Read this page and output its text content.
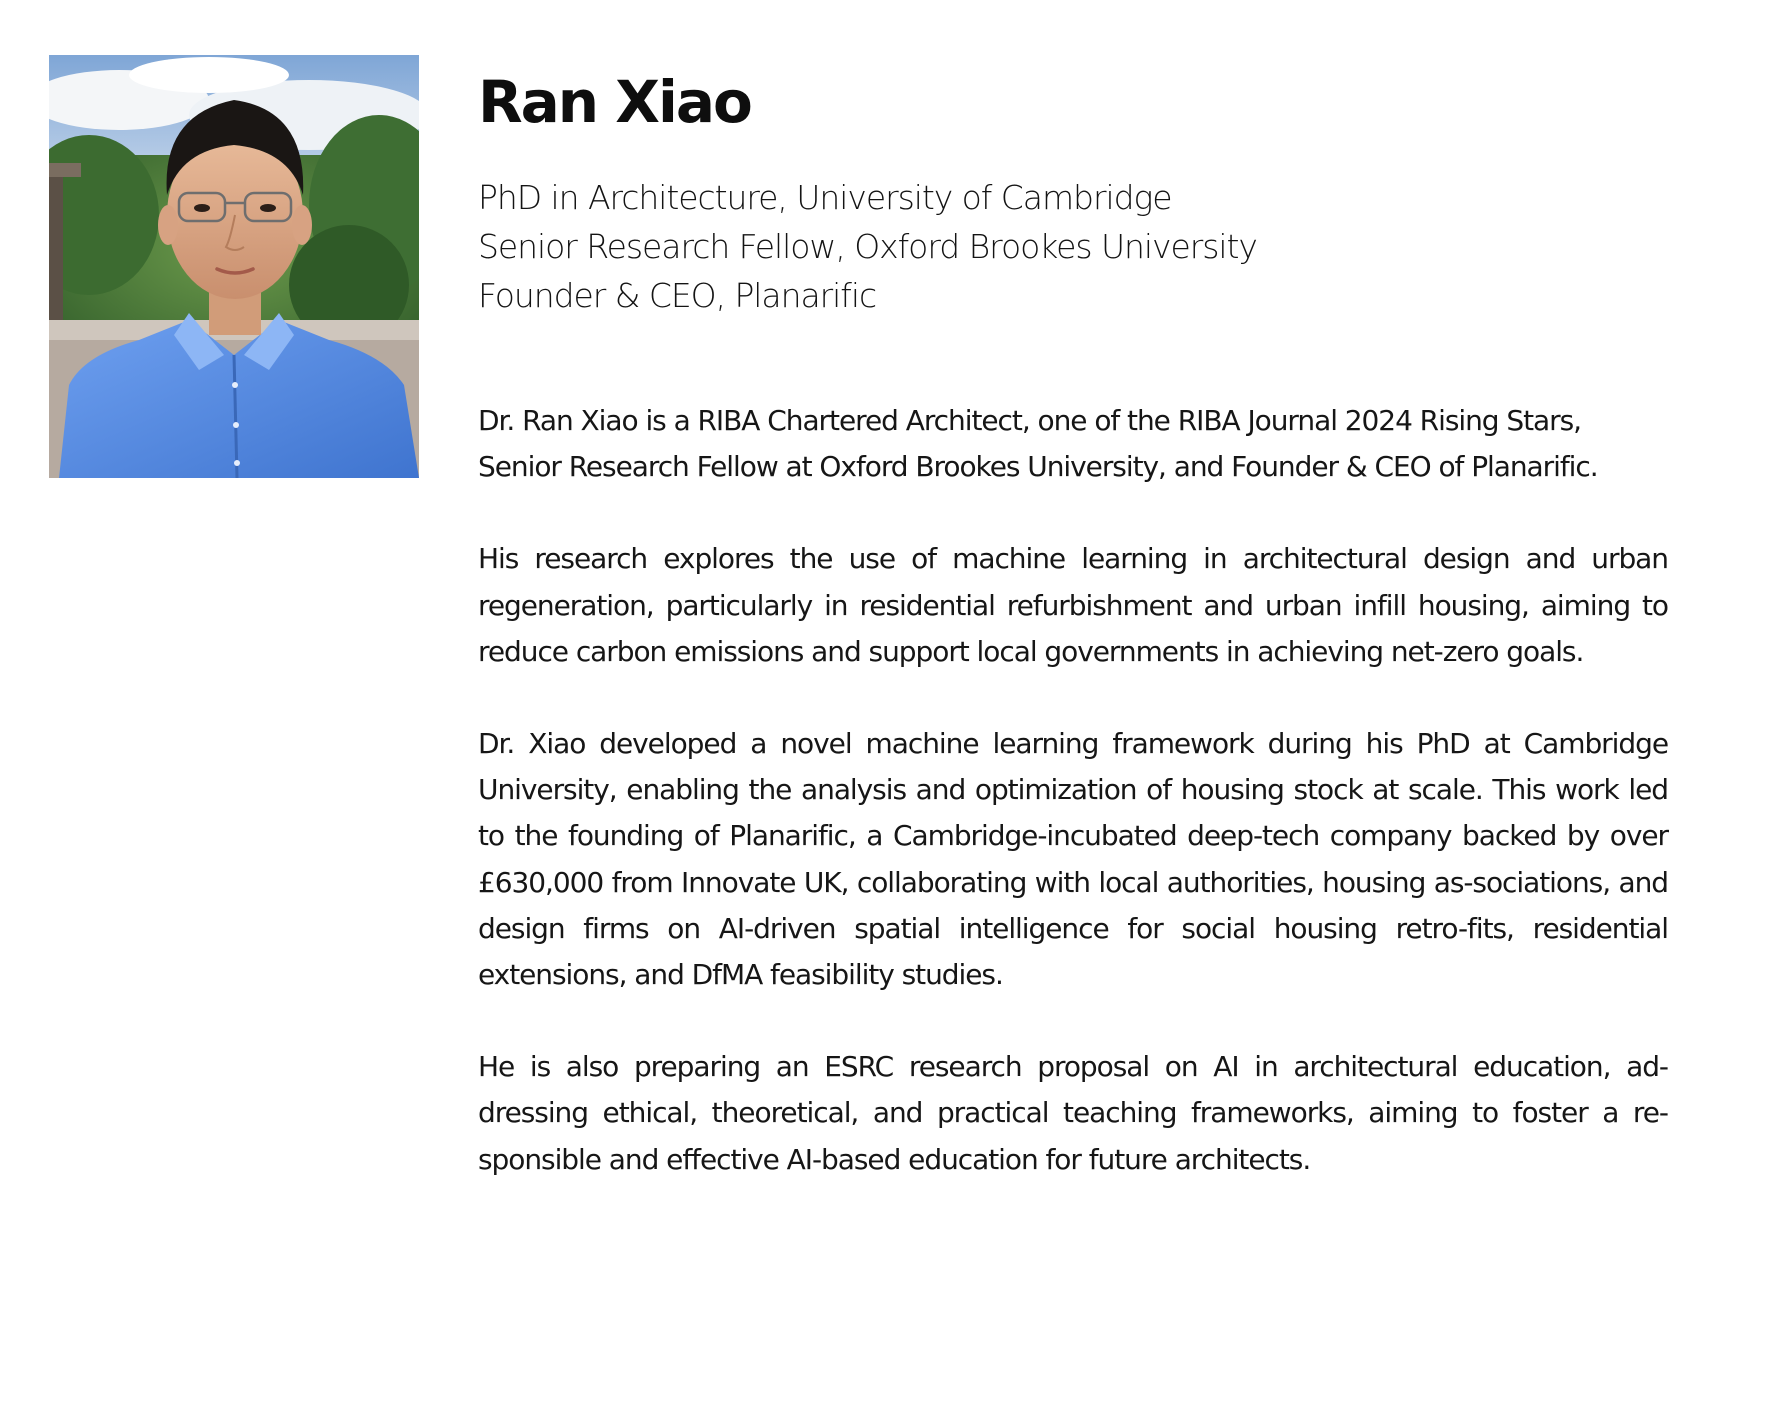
Ran Xiao
PhD in Architecture, University of Cambridge
Senior Research Fellow, Oxford Brookes University
Founder & CEO, Planarific

Dr. Ran Xiao is a RIBA Chartered Architect, one of the RIBA Journal 2024 Rising Stars, Senior Research Fellow at Oxford Brookes University, and Founder & CEO of Planarific.

His research explores the use of machine learning in architectural design and urban regeneration, particularly in residential refurbishment and urban infill housing, aiming to reduce carbon emissions and support local governments in achieving net-zero goals.

Dr. Xiao developed a novel machine learning framework during his PhD at Cambridge University, enabling the analysis and optimization of housing stock at scale. This work led to the founding of Planarific, a Cambridge-incubated deep-tech company backed by over £630,000 from Innovate UK, collaborating with local authorities, housing as-sociations, and design firms on AI-driven spatial intelligence for social housing retro-fits, residential extensions, and DfMA feasibility studies.

He is also preparing an ESRC research proposal on AI in architectural education, ad-dressing ethical, theoretical, and practical teaching frameworks, aiming to foster a re-sponsible and effective AI-based education for future architects.
